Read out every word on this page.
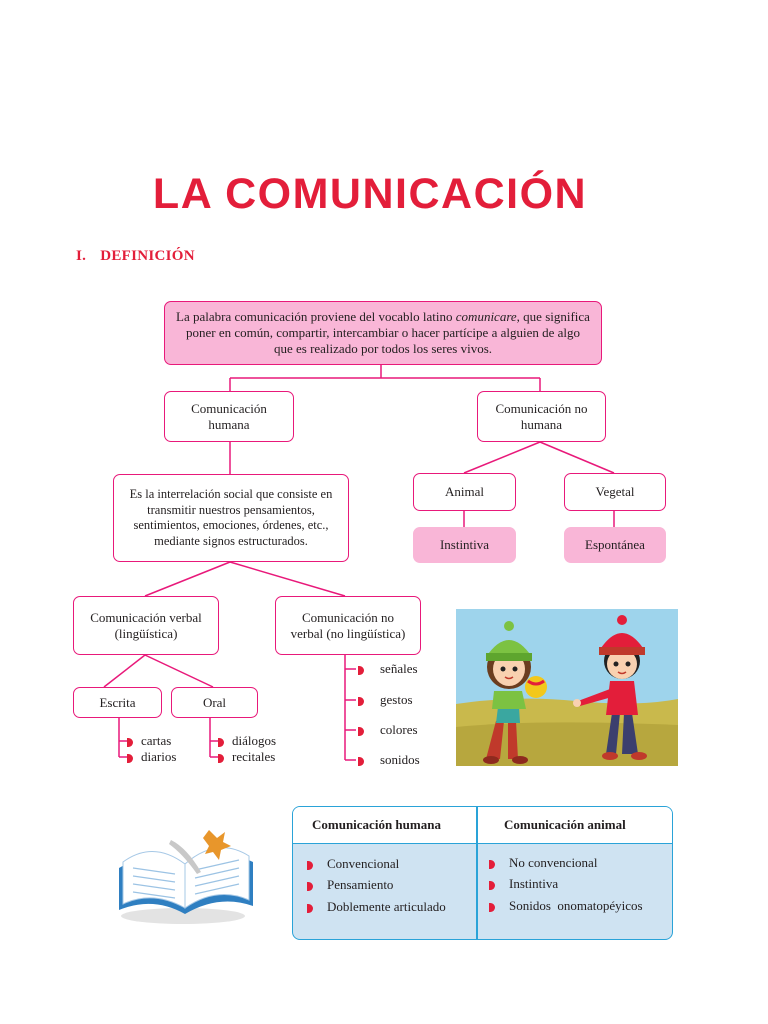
LA COMUNICACIÓN
I. DEFINICIÓN
La palabra comunicación proviene del vocablo latino comunicare, que significa poner en común, compartir, intercambiar o hacer partícipe a alguien de algo que es realizado por todos los seres vivos.
Comunicación humana
Comunicación no humana
Es la interrelación social que consiste en transmitir nuestros pensamientos, sentimientos, emociones, órdenes, etc., mediante signos estructurados.
Animal	Vegetal
Instintiva	Espontánea
Comunicación verbal (lingüística)
Comunicación no verbal (no lingüística)
Escrita	Oral
cartas
diarios
diálogos
recitales
señales
gestos
colores
sonidos
Comunicación humana	Comunicación animal
Convencional
Pensamiento
Doblemente articulado
No convencional
Instintiva
Sonidos  onomatopéyicos
